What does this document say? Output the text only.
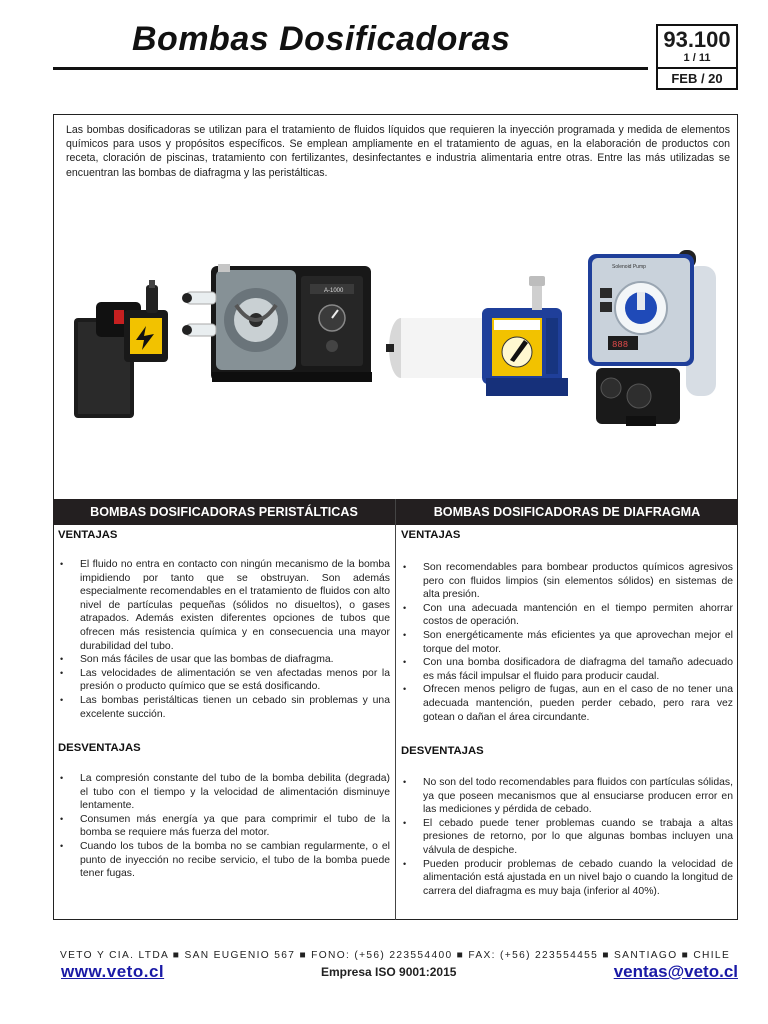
Bombas Dosificadoras	93.100
1 / 11
FEB / 20
Las bombas dosificadoras se utilizan para el tratamiento de fluidos líquidos que requieren la inyección programada y medida de elementos químicos para usos y propósitos específicos. Se emplean ampliamente en el tratamiento de aguas, en la elaboración de productos con receta, cloración de piscinas, tratamiento con fertilizantes, desinfectantes e industria alimentaria entre otras. Entre las más utilizadas se encuentran las bombas de diafragma y las peristálticas.
A-1000
Solenoid Pump
888
BOMBAS DOSIFICADORAS PERISTÁLTICAS	BOMBAS DOSIFICADORAS DE DIAFRAGMA
VENTAJAS
• El fluido no entra en contacto con ningún mecanismo de la bomba impidiendo por tanto que se obstruyan. Son además especialmente recomendables en el tratamiento de fluidos con alto nivel de partículas pequeñas (sólidos no disueltos), o gases atrapados. Además existen diferentes opciones de tubos que ofrecen más resistencia química y en consecuencia una mayor durabilidad del tubo.
• Son más fáciles de usar que las bombas de diafragma.
• Las velocidades de alimentación se ven afectadas menos por la presión o producto químico que se está dosificando.
• Las bombas peristálticas tienen un cebado sin problemas y una excelente succión.
DESVENTAJAS
• La compresión constante del tubo de la bomba debilita (degrada) el tubo con el tiempo y la velocidad de alimentación disminuye lentamente.
• Consumen más energía ya que para comprimir el tubo de la bomba se requiere más fuerza del motor.
• Cuando los tubos de la bomba no se cambian regularmente, o el punto de inyección no recibe servicio, el tubo de la bomba puede tener fugas.
VENTAJAS
• Son recomendables para bombear productos químicos agresivos pero con fluidos limpios (sin elementos sólidos) en sistemas de alta presión.
• Con una adecuada mantención en el tiempo permiten ahorrar costos de operación.
• Son energéticamente más eficientes ya que aprovechan mejor el torque del motor.
• Con una bomba dosificadora de diafragma del tamaño adecuado es más fácil impulsar el fluido para producir caudal.
• Ofrecen menos peligro de fugas, aun en el caso de no tener una adecuada mantención, pueden perder cebado, pero rara vez gotean o dañan el área circundante.
DESVENTAJAS
• No son del todo recomendables para fluidos con partículas sólidas, ya que poseen mecanismos que al ensuciarse producen error en las mediciones y pérdida de cebado.
• El cebado puede tener problemas cuando se trabaja a altas presiones de retorno, por lo que algunas bombas incluyen una válvula de despiche.
• Pueden producir problemas de cebado cuando la velocidad de alimentación está ajustada en un nivel bajo o cuando la longitud de carrera del diafragma es muy baja (inferior al 40%).
VETO Y CIA. LTDA ■ SAN EUGENIO 567 ■ FONO: (+56) 223554400 ■ FAX: (+56) 223554455 ■ SANTIAGO ■ CHILE
www.veto.cl	Empresa ISO 9001:2015	ventas@veto.cl
